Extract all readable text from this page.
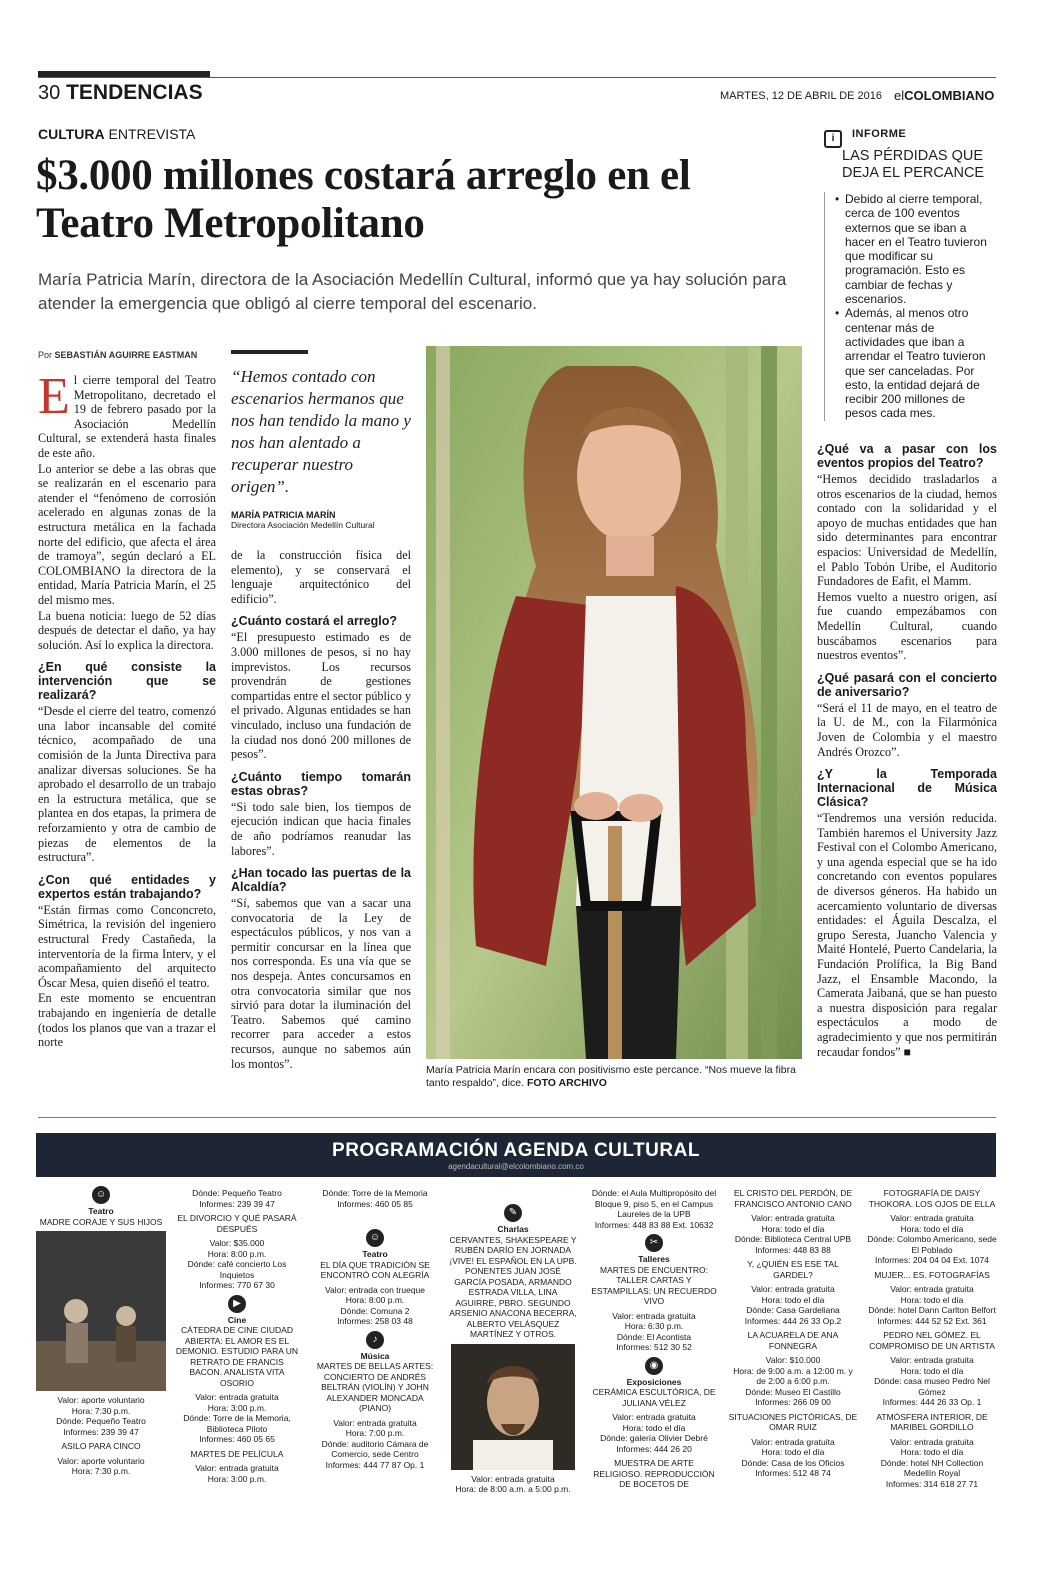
30 TENDENCIAS	MARTES, 12 DE ABRIL DE 2016 elCOLOMBIANO
CULTURA ENTREVISTA
$3.000 millones costará arreglo en el Teatro Metropolitano
María Patricia Marín, directora de la Asociación Medellín Cultural, informó que ya hay solución para atender la emergencia que obligó al cierre temporal del escenario.
Por SEBASTIÁN AGUIRRE EASTMAN

El cierre temporal del Teatro Metropolitano, decretado el 19 de febrero pasado por la Asociación Medellín Cultural, se extenderá hasta finales de este año.

Lo anterior se debe a las obras que se realizarán en el escenario para atender el “fenómeno de corrosión acelerado en algunas zonas de la estructura metálica en la fachada norte del edificio, que afecta el área de tramoya”, según declaró a EL COLOMBIANO la directora de la entidad, María Patricia Marín, el 25 del mismo mes.

La buena noticia: luego de 52 días después de detectar el daño, ya hay solución. Así lo explica la directora.

¿En qué consiste la intervención que se realizará?

“Desde el cierre del teatro, comenzó una labor incansable del comité técnico, acompañado de una comisión de la Junta Directiva para analizar diversas soluciones. Se ha aprobado el desarrollo de un trabajo en la estructura metálica, que se plantea en dos etapas, la primera de reforzamiento y otra de cambio de piezas de elementos de la estructura”.

¿Con qué entidades y expertos están trabajando?

“Están firmas como Conconcreto, Simétrica, la revisión del ingeniero estructural Fredy Castañeda, la interventoría de la firma Interv, y el acompañamiento del arquitecto Óscar Mesa, quien diseñó el teatro.

En este momento se encuentran trabajando en ingeniería de detalle (todos los planos que van a trazar el norte

“Hemos contado con escenarios hermanos que nos han tendido la mano y nos han alentado a recuperar nuestro origen”.
MARÍA PATRICIA MARÍN
Directora Asociación Medellín Cultural

de la construcción física del elemento), y se conservará el lenguaje arquitectónico del edificio”.

¿Cuánto costará el arreglo?

“El presupuesto estimado es de 3.000 millones de pesos, si no hay imprevistos. Los recursos provendrán de gestiones compartidas entre el sector público y el privado. Algunas entidades se han vinculado, incluso una fundación de la ciudad nos donó 200 millones de pesos”.

¿Cuánto tiempo tomarán estas obras?

“Si todo sale bien, los tiempos de ejecución indican que hacia finales de año podríamos reanudar las labores”.

¿Han tocado las puertas de la Alcaldía?

“Sí, sabemos que van a sacar una convocatoria de la Ley de espectáculos públicos, y nos van a permitir concursar en la línea que nos corresponda. Es una vía que se nos despeja. Antes concursamos en otra convocatoria similar que nos sirvió para dotar la iluminación del Teatro. Sabemos qué camino recorrer para acceder a estos recursos, aunque no sabemos aún los montos”.	María Patricia Marín encara con positivismo este percance. “Nos mueve la fibra tanto respaldo”, dice. FOTO ARCHIVO
i	INFORME
LAS PÉRDIDAS QUE DEJA EL PERCANCE
• Debido al cierre temporal, cerca de 100 eventos externos que se iban a hacer en el Teatro tuvieron que modificar su programación. Esto es cambiar de fechas y escenarios.
• Además, al menos otro centenar más de actividades que iban a arrendar el Teatro tuvieron que ser canceladas. Por esto, la entidad dejará de recibir 200 millones de pesos cada mes.
¿Qué va a pasar con los eventos propios del Teatro?

“Hemos decidido trasladarlos a otros escenarios de la ciudad, hemos contado con la solidaridad y el apoyo de muchas entidades que han sido determinantes para encontrar espacios: Universidad de Medellín, el Pablo Tobón Uribe, el Auditorio Fundadores de Eafit, el Mamm.

Hemos vuelto a nuestro origen, así fue cuando empezábamos con Medellín Cultural, cuando buscábamos escenarios para nuestros eventos”.

¿Qué pasará con el concierto de aniversario?

“Será el 11 de mayo, en el teatro de la U. de M., con la Filarmónica Joven de Colombia y el maestro Andrés Orozco”.

¿Y la Temporada Internacional de Música Clásica?

“Tendremos una versión reducida. También haremos el University Jazz Festival con el Colombo Americano, y una agenda especial que se ha ido concretando con eventos populares de diversos géneros. Ha habido un acercamiento voluntario de diversas entidades: el Águila Descalza, el grupo Seresta, Juancho Valencia y Maité Hontelé, Puerto Candelaria, la Fundación Prolífica, la Big Band Jazz, el Ensamble Macondo, la Camerata Jaibaná, que se han puesto a nuestra disposición para regalar espectáculos a modo de agradecimiento y que nos permitirán recaudar fondos” ■

PROGRAMACIÓN AGENDA CULTURAL
agendacultural@elcolombiano.com.co
☺
Teatro

MADRE CORAJE Y SUS HIJOS

Valor: aporte voluntario
Hora: 7:30 p.m.
Dónde: Pequeño Teatro

Informes: 239 39 47

ASILO PARA CINCO

Valor: aporte voluntario
Hora: 7:30 p.m.
Dónde: Pequeño Teatro

Informes: 239 39 47

EL DIVORCIO Y QUÉ PASARÁ DESPUÉS

Valor: $35.000
Hora: 8:00 p.m.
Dónde: café concierto Los Inquietos

Informes: 770 67 30

▶
Cine

CÁTEDRA DE CINE CIUDAD ABIERTA: EL AMOR ES EL DEMONIO. ESTUDIO PARA UN RETRATO DE FRANCIS BACON. ANALISTA VITA OSORIO

Valor: entrada gratuita
Hora: 3:00 p.m.
Dónde: Torre de la Memoria, Biblioteca Piloto

Informes: 460 05 65

MARTES DE PELÍCULA

Valor: entrada gratuita
Hora: 3:00 p.m.
Dónde: Torre de la Memoria

Informes: 460 05 85

☺
Teatro

EL DÍA QUE TRADICIÓN SE ENCONTRÓ CON ALEGRÍA

Valor: entrada con trueque
Hora: 8:00 p.m.
Dónde: Comuna 2

Informes: 258 03 48

♪
Música

MARTES DE BELLAS ARTES: CONCIERTO DE ANDRÉS BELTRÁN (VIOLÍN) Y JOHN ALEXANDER MONCADA (PIANO)

Valor: entrada gratuita
Hora: 7:00 p.m.
Dónde: auditorio Cámara de Comercio, sede Centro

Informes: 444 77 87 Op. 1

✎
Charlas

CERVANTES, SHAKESPEARE Y RUBÉN DARÍO EN JORNADA ¡VIVE! EL ESPAÑOL EN LA UPB. PONENTES JUAN JOSÉ GARCÍA POSADA, ARMANDO ESTRADA VILLA, LINA AGUIRRE, PBRO. SEGUNDO ARSENIO ANACONA BECERRA, ALBERTO VELÁSQUEZ MARTÍNEZ Y OTROS.

Valor: entrada gratuita
Hora: de 8:00 a.m. a 5:00 p.m.
Dónde: el Aula Multipropósito del Bloque 9, piso 5, en el Campus Laureles de la UPB

Informes: 448 83 88 Ext. 10632

✂
Talleres

MARTES DE ENCUENTRO: TALLER CARTAS Y ESTAMPILLAS: UN RECUERDO VIVO

Valor: entrada gratuita
Hora: 6:30 p.m.
Dónde: El Acontista

Informes: 512 30 52

◉
Exposiciones

CERÁMICA ESCULTÓRICA, DE JULIANA VÉLEZ

Valor: entrada gratuita
Hora: todo el día
Dónde: galería Olivier Debré

Informes: 444 26 20

MUESTRA DE ARTE RELIGIOSO. REPRODUCCIÓN DE BOCETOS DE

EL CRISTO DEL PERDÓN, DE FRANCISCO ANTONIO CANO

Valor: entrada gratuita
Hora: todo el día
Dónde: Biblioteca Central UPB

Informes: 448 83 88

Y, ¿QUIÉN ES ESE TAL GARDEL?

Valor: entrada gratuita
Hora: todo el día
Dónde: Casa Gardeliana

Informes: 444 26 33 Op.2

LA ACUARELA DE ANA FONNEGRA

Valor: $10.000
Hora: de 9:00 a.m. a 12:00 m. y de 2:00 a 6:00 p.m.
Dónde: Museo El Castillo

Informes: 266 09 00

SITUACIONES PICTÓRICAS, DE OMAR RUIZ

Valor: entrada gratuita
Hora: todo el día
Dónde: Casa de los Oficios

Informes: 512 48 74

FOTOGRAFÍA DE DAISY THOKORA. LOS OJOS DE ELLA

Valor: entrada gratuita
Hora: todo el día
Dónde: Colombo Americano, sede El Poblado

Informes: 204 04 04 Ext. 1074

MUJER... ES. FOTOGRAFÍAS

Valor: entrada gratuita
Hora: todo el día
Dónde: hotel Dann Carlton Belfort

Informes: 444 52 52 Ext. 361

PEDRO NEL GÓMEZ. EL COMPROMISO DE UN ARTISTA

Valor: entrada gratuita
Hora: todo el día
Dónde: casa museo Pedro Nel Gómez

Informes: 444 26 33 Op. 1

ATMÓSFERA INTERIOR, DE MARIBEL GORDILLO

Valor: entrada gratuita
Hora: todo el día
Dónde: hotel NH Collection Medellín Royal

Informes: 314 618 27 71
